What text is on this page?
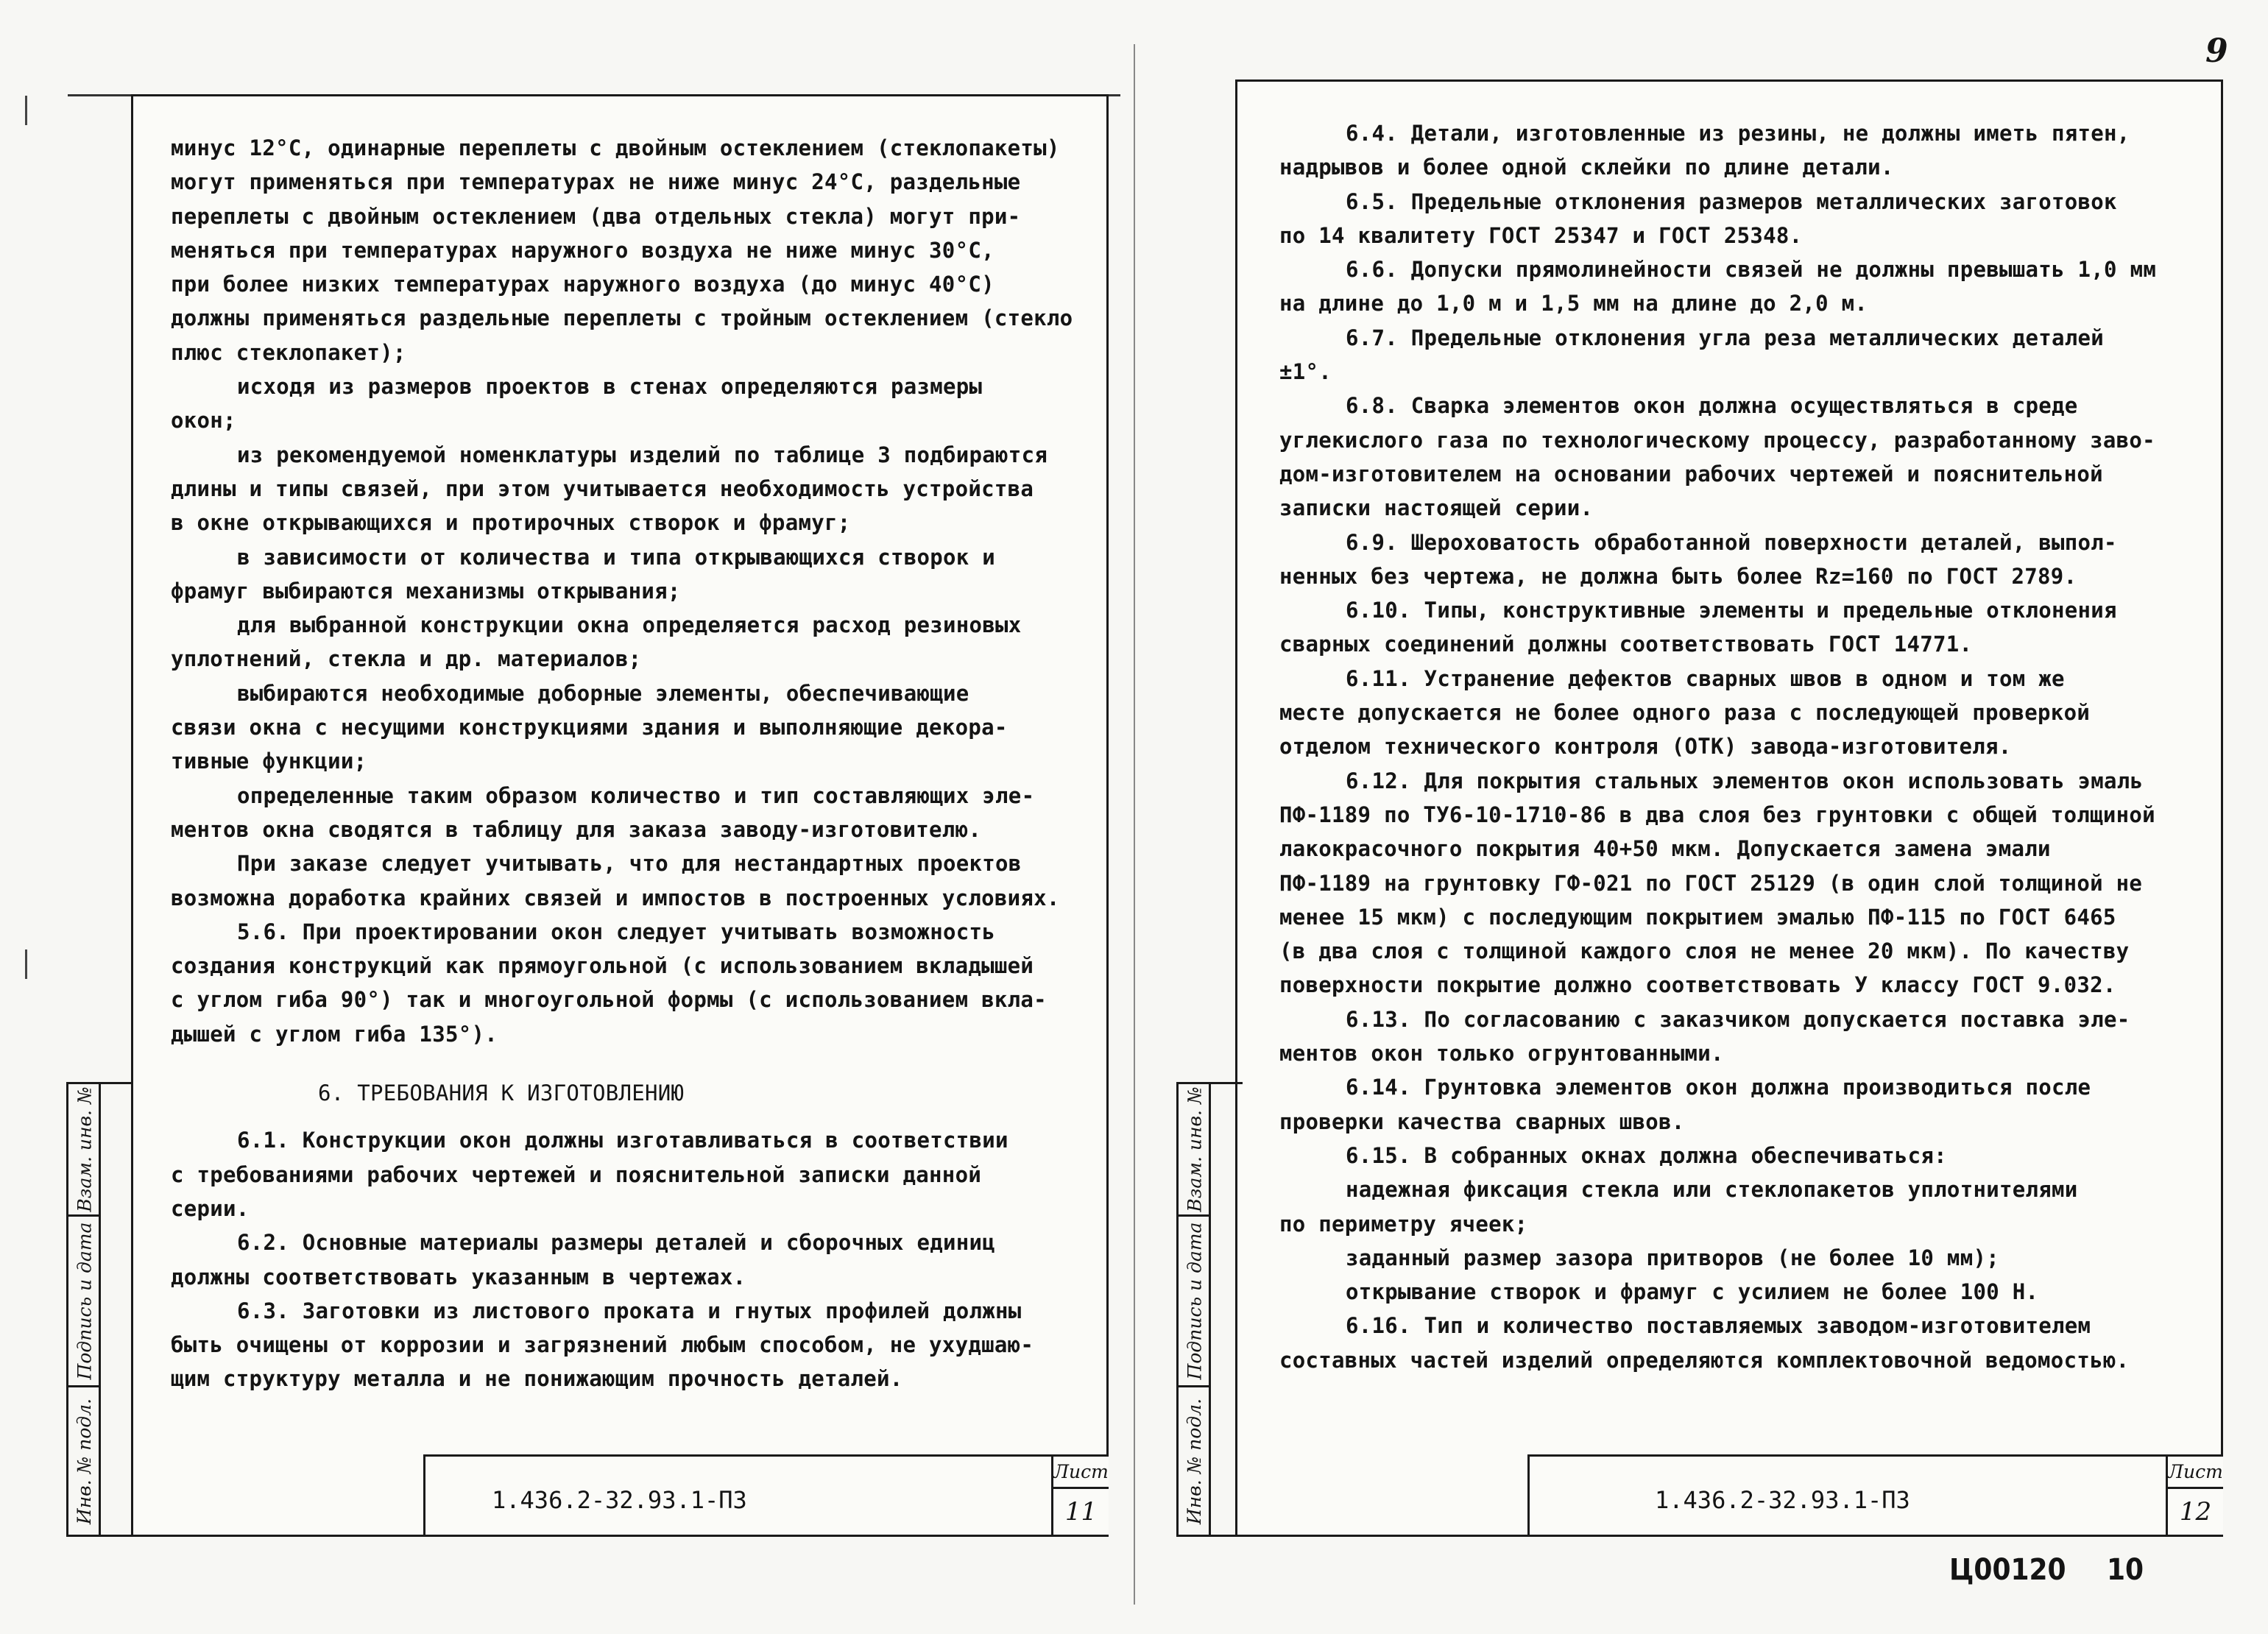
9
минус 12°C, одинарные переплеты с двойным остеклением (стеклопакеты)
могут применяться при температурах не ниже минус 24°C, раздельные
переплеты с двойным остеклением (два отдельных стекла) могут при-
меняться при температурах наружного воздуха не ниже минус 30°C,
при более низких температурах наружного воздуха (до минус 40°C)
должны применяться раздельные переплеты с тройным остеклением (стекло
плюс стеклопакет);
исходя из размеров проектов в стенах определяются размеры
окон;
из рекомендуемой номенклатуры изделий по таблице 3 подбираются
длины и типы связей, при этом учитывается необходимость устройства
в окне открывающихся и протирочных створок и фрамуг;
в зависимости от количества и типа открывающихся створок и
фрамуг выбираются механизмы открывания;
для выбранной конструкции окна определяется расход резиновых
уплотнений, стекла и др. материалов;
выбираются необходимые доборные элементы, обеспечивающие
связи окна с несущими конструкциями здания и выполняющие декора-
тивные функции;
определенные таким образом количество и тип составляющих эле-
ментов окна сводятся в таблицу для заказа заводу-изготовителю.
При заказе следует учитывать, что для нестандартных проектов
возможна доработка крайних связей и импостов в построенных условиях.
5.6. При проектировании окон следует учитывать возможность
создания конструкций как прямоугольной (с использованием вкладышей
с углом гиба 90°) так и многоугольной формы (с использованием вкла-
дышей с углом гиба 135°).
6. ТРЕБОВАНИЯ К ИЗГОТОВЛЕНИЮ
6.1. Конструкции окон должны изготавливаться в соответствии
с требованиями рабочих чертежей и пояснительной записки данной
серии.
6.2. Основные материалы размеры деталей и сборочных единиц
должны соответствовать указанным в чертежах.
6.3. Заготовки из листового проката и гнутых профилей должны
быть очищены от коррозии и загрязнений любым способом, не ухудшаю-
щим структуру металла и не понижающим прочность деталей.
Взам. инв. №
Подпись и дата
Инв. № подл.	1.436.2-32.93.1-ПЗ
Лист
11
6.4. Детали, изготовленные из резины, не должны иметь пятен,
надрывов и более одной склейки по длине детали.
6.5. Предельные отклонения размеров металлических заготовок
по 14 квалитету ГОСТ 25347 и ГОСТ 25348.
6.6. Допуски прямолинейности связей не должны превышать 1,0 мм
на длине до 1,0 м и 1,5 мм на длине до 2,0 м.
6.7. Предельные отклонения угла реза металлических деталей
±1°.
6.8. Сварка элементов окон должна осуществляться в среде
углекислого газа по технологическому процессу, разработанному заво-
дом-изготовителем на основании рабочих чертежей и пояснительной
записки настоящей серии.
6.9. Шероховатость обработанной поверхности деталей, выпол-
ненных без чертежа, не должна быть более Rz=160 по ГОСТ 2789.
6.10. Типы, конструктивные элементы и предельные отклонения
сварных соединений должны соответствовать ГОСТ 14771.
6.11. Устранение дефектов сварных швов в одном и том же
месте допускается не более одного раза с последующей проверкой
отделом технического контроля (ОТК) завода-изготовителя.
6.12. Для покрытия стальных элементов окон использовать эмаль
ПФ-1189 по ТУ6-10-1710-86 в два слоя без грунтовки с общей толщиной
лакокрасочного покрытия 40+50 мкм. Допускается замена эмали
ПФ-1189 на грунтовку ГФ-021 по ГОСТ 25129 (в один слой толщиной не
менее 15 мкм) с последующим покрытием эмалью ПФ-115 по ГОСТ 6465
(в два слоя с толщиной каждого слоя не менее 20 мкм). По качеству
поверхности покрытие должно соответствовать У классу ГОСТ 9.032.
6.13. По согласованию с заказчиком допускается поставка эле-
ментов окон только огрунтованными.
6.14. Грунтовка элементов окон должна производиться после
проверки качества сварных швов.
6.15. В собранных окнах должна обеспечиваться:
надежная фиксация стекла или стеклопакетов уплотнителями
по периметру ячеек;
заданный размер зазора притворов (не более 10 мм);
открывание створок и фрамуг с усилием не более 100 Н.
6.16. Тип и количество поставляемых заводом-изготовителем
составных частей изделий определяются комплектовочной ведомостью.
Взам. инв. №
Подпись и дата
Инв. № подл.	1.436.2-32.93.1-ПЗ
Лист
12
Ц00120 10
